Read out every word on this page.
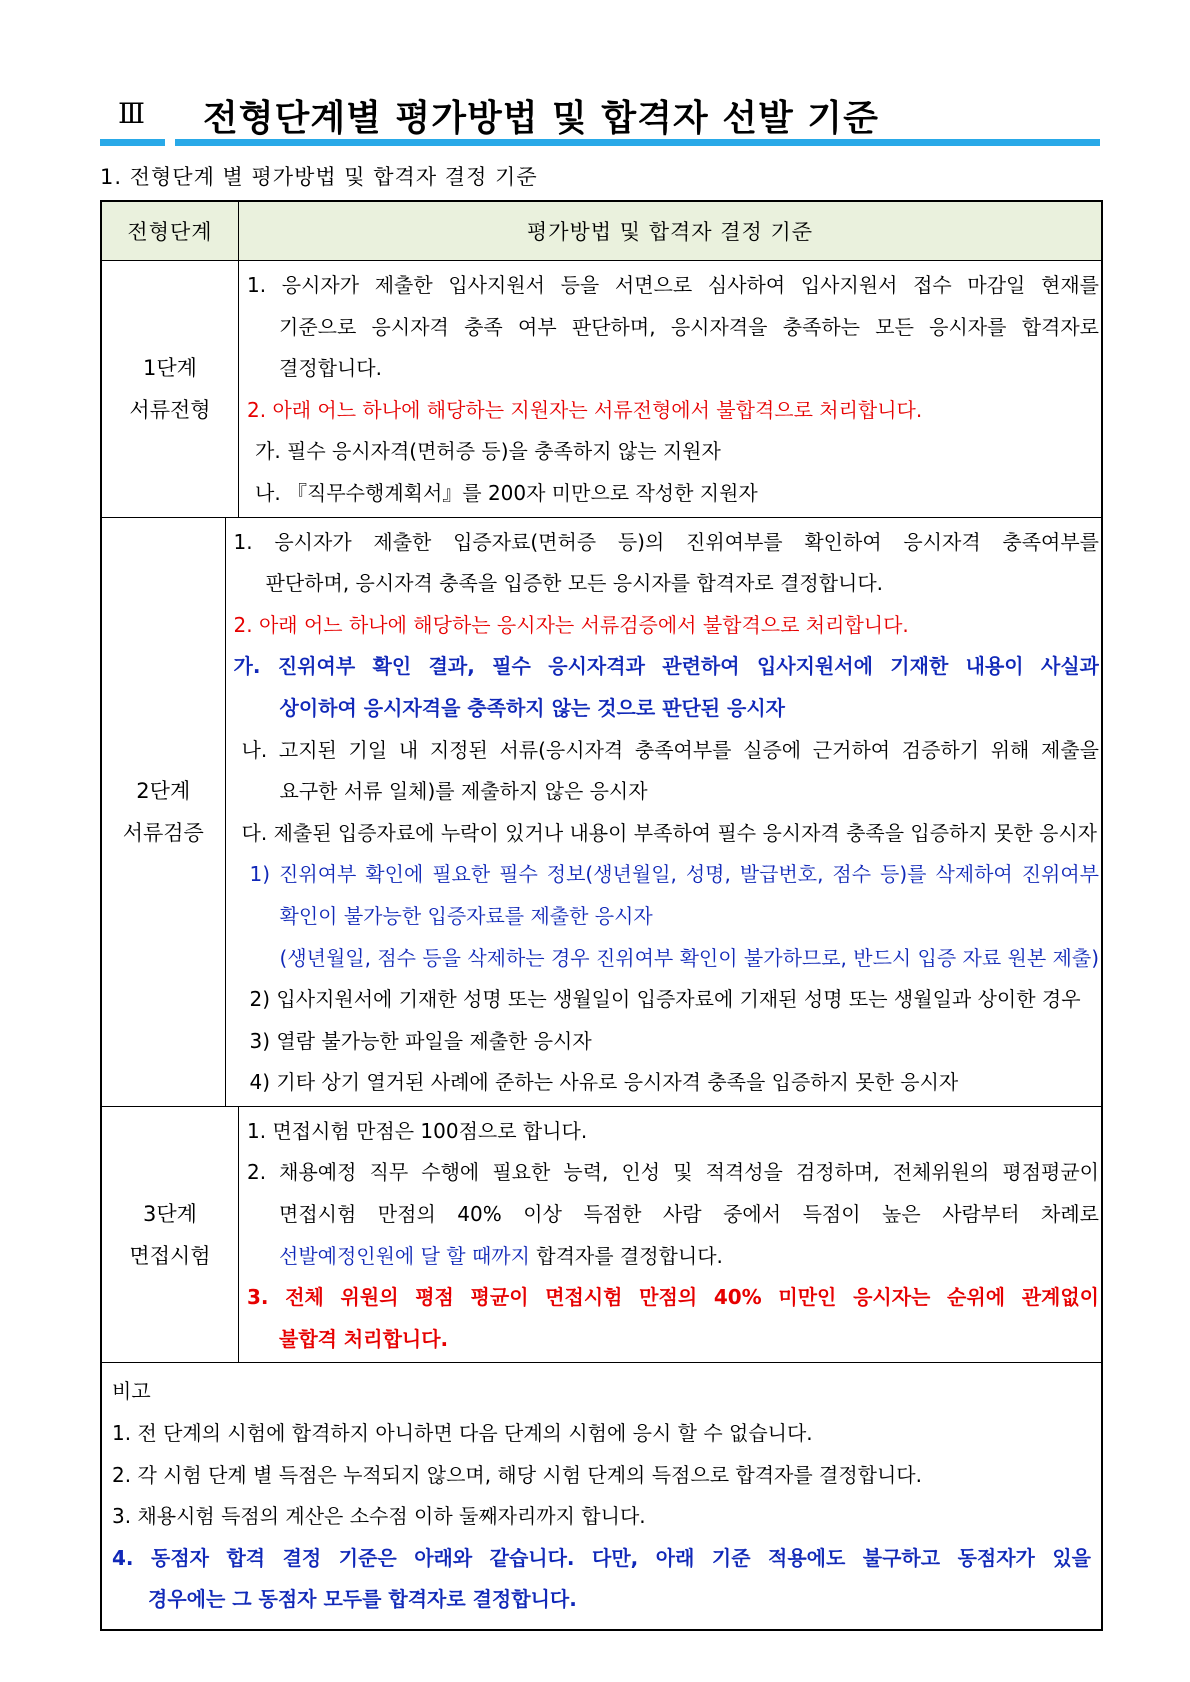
Ⅲ 전형단계별 평가방법 및 합격자 선발 기준
1. 전형단계 별 평가방법 및 합격자 결정 기준
전형단계	평가방법 및 합격자 결정 기준
1단계
서류전형
1. 응시자가 제출한 입사지원서 등을 서면으로 심사하여 입사지원서 접수 마감일 현재를
기준으로 응시자격 충족 여부 판단하며, 응시자격을 충족하는 모든 응시자를 합격자로
결정합니다.
2. 아래 어느 하나에 해당하는 지원자는 서류전형에서 불합격으로 처리합니다.
가. 필수 응시자격(면허증 등)을 충족하지 않는 지원자
나. 『직무수행계획서』를 200자 미만으로 작성한 지원자
2단계
서류검증
1. 응시자가 제출한 입증자료(면허증 등)의 진위여부를 확인하여 응시자격 충족여부를
판단하며, 응시자격 충족을 입증한 모든 응시자를 합격자로 결정합니다.
2. 아래 어느 하나에 해당하는 응시자는 서류검증에서 불합격으로 처리합니다.
가. 진위여부 확인 결과, 필수 응시자격과 관련하여 입사지원서에 기재한 내용이 사실과
상이하여 응시자격을 충족하지 않는 것으로 판단된 응시자
나. 고지된 기일 내 지정된 서류(응시자격 충족여부를 실증에 근거하여 검증하기 위해 제출을
요구한 서류 일체)를 제출하지 않은 응시자
다. 제출된 입증자료에 누락이 있거나 내용이 부족하여 필수 응시자격 충족을 입증하지 못한 응시자
1) 진위여부 확인에 필요한 필수 정보(생년월일, 성명, 발급번호, 점수 등)를 삭제하여 진위여부
확인이 불가능한 입증자료를 제출한 응시자
(생년월일, 점수 등을 삭제하는 경우 진위여부 확인이 불가하므로, 반드시 입증 자료 원본 제출)
2) 입사지원서에 기재한 성명 또는 생월일이 입증자료에 기재된 성명 또는 생월일과 상이한 경우
3) 열람 불가능한 파일을 제출한 응시자
4) 기타 상기 열거된 사례에 준하는 사유로 응시자격 충족을 입증하지 못한 응시자
3단계
면접시험
1. 면접시험 만점은 100점으로 합니다.
2. 채용예정 직무 수행에 필요한 능력, 인성 및 적격성을 검정하며, 전체위원의 평점평균이
면접시험 만점의 40% 이상 득점한 사람 중에서 득점이 높은 사람부터 차례로
선발예정인원에 달 할 때까지 합격자를 결정합니다.
3. 전체 위원의 평점 평균이 면접시험 만점의 40% 미만인 응시자는 순위에 관계없이
불합격 처리합니다.
비고
1. 전 단계의 시험에 합격하지 아니하면 다음 단계의 시험에 응시 할 수 없습니다.
2. 각 시험 단계 별 득점은 누적되지 않으며, 해당 시험 단계의 득점으로 합격자를 결정합니다.
3. 채용시험 득점의 계산은 소수점 이하 둘째자리까지 합니다.
4. 동점자 합격 결정 기준은 아래와 같습니다. 다만, 아래 기준 적용에도 불구하고 동점자가 있을
경우에는 그 동점자 모두를 합격자로 결정합니다.
